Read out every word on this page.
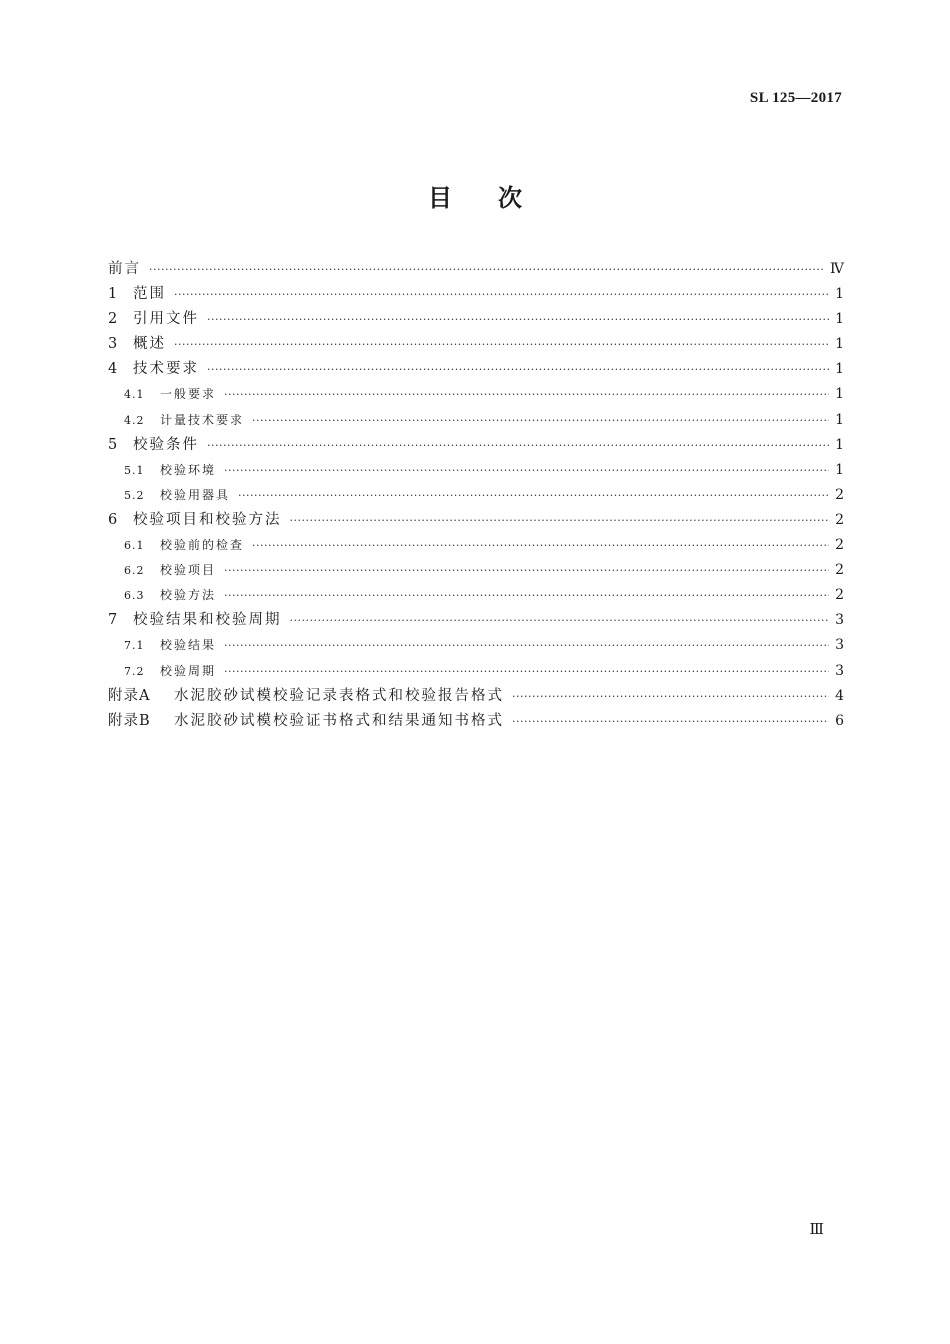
SL 125—2017
目次
前言 ·····	Ⅳ
1	范围 ·····	1
2	引用文件 ·····	1
3	概述 ·····	1
4	技术要求 ·····	1
4.1	一般要求 ·····	1
4.2	计量技术要求 ·····	1
5	校验条件 ·····	1
5.1	校验环境 ·····	1
5.2	校验用器具 ·····	2
6	校验项目和校验方法 ·····	2
6.1	校验前的检查 ·····	2
6.2	校验项目 ·····	2
6.3	校验方法 ·····	2
7	校验结果和校验周期 ·····	3
7.1	校验结果 ·····	3
7.2	校验周期 ·····	3
附录A	水泥胶砂试模校验记录表格式和校验报告格式 ·····	4
附录B	水泥胶砂试模校验证书格式和结果通知书格式 ·····	6
Ⅲ
